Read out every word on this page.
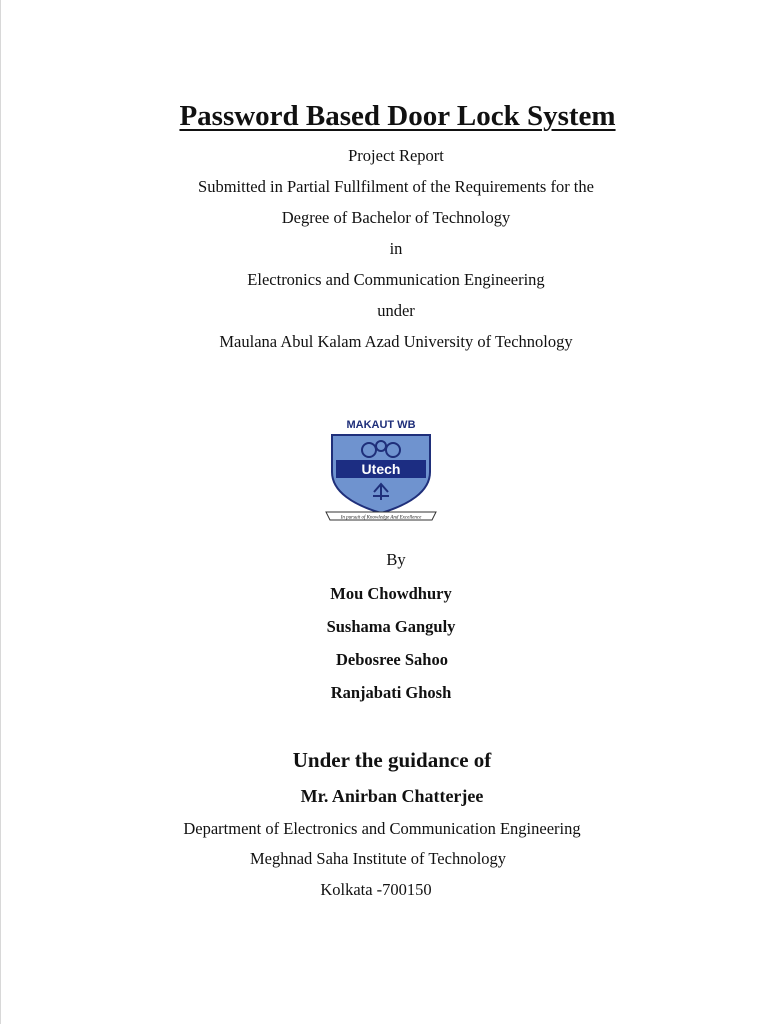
Password Based Door Lock System
Project Report
Submitted in Partial Fullfilment of the Requirements for the
Degree of Bachelor of Technology
in
Electronics and Communication Engineering
under
Maulana Abul Kalam Azad University of Technology
MAKAUT WB
Utech
In pursuit of Knowledge And Excellence
By
Mou Chowdhury
Sushama Ganguly
Debosree Sahoo
Ranjabati Ghosh
Under the guidance of
Mr. Anirban Chatterjee
Department of Electronics and Communication Engineering
Meghnad Saha Institute of Technology
Kolkata -700150
